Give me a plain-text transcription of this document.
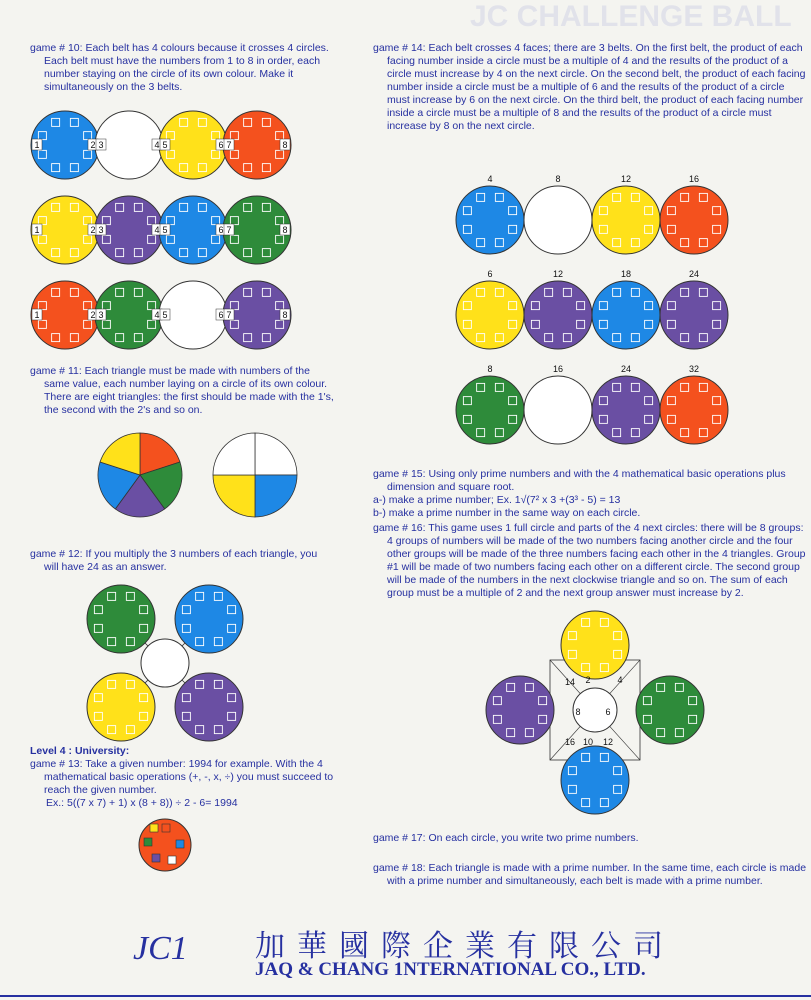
JC CHALLENGE BALL
game # 10: Each belt has 4 colours because it crosses 4 circles. Each belt must have the numbers from 1 to 8 in order, each number staying on the circle of its own colour. Make it simultaneously on the 3 belts.
1	2 3	4 5	6 7	8
1	2 3	4 5	6 7	8
1	2 3	4 5	6 7	8
game # 11: Each triangle must be made with numbers of the same value, each number laying on a circle of its own colour. There are eight triangles: the first should be made with the 1's, the second with the 2's and so on.
game # 12: If you multiply the 3 numbers of each triangle, you will have 24 as an answer.
Level 4 : University:
game # 13: Take a given number: 1994 for example. With the 4 mathematical basic operations (+, -, x, ÷) you must succeed to reach the given number.
Ex.: 5((7 x 7) + 1) x (8 + 8)) ÷ 2 - 6= 1994
game # 14: Each belt crosses 4 faces; there are 3 belts. On the first belt, the product of each facing number inside a circle must be a multiple of 4 and the results of the product of a circle must increase by 4 on the next circle. On the second belt, the product of each facing number inside a circle must be a multiple of 6 and the results of the product of a circle must increase by 6 on the next circle. On the third belt, the product of each facing number inside a circle must be a multiple of 8 and the results of the product of a circle must increase by 8 on the next circle.
4	8	12	16
6	12	18	24
8	16	24	32
game # 15: Using only prime numbers and with the 4 mathematical basic operations plus dimension and square root.
a-) make a prime number; Ex. 1√(7² x 3 +(3³ - 5) = 13
b-) make a prime number in the same way on each circle.
game # 16: This game uses 1 full circle and parts of the 4 next circles: there will be 8 groups: 4 groups of numbers will be made of the two numbers facing another circle and the four other groups will be made of the three numbers facing each other in the 4 triangles. Group #1 will be made of two numbers facing each other on a different circle. The second group will be made of the numbers in the next clockwise triangle and so on. The sum of each group must be a multiple of 2 and the next group answer must increase by 2.
2	4
6
8
10 12
14
16
game # 17: On each circle, you write two prime numbers.
game # 18: Each triangle is made with a prime number. In the same time, each circle is made with a prime number and simultaneously, each belt is made with a prime number.
JC1 加華國際企業有限公司
JAQ & CHANG 1NTERNATIONAL CO., LTD.
